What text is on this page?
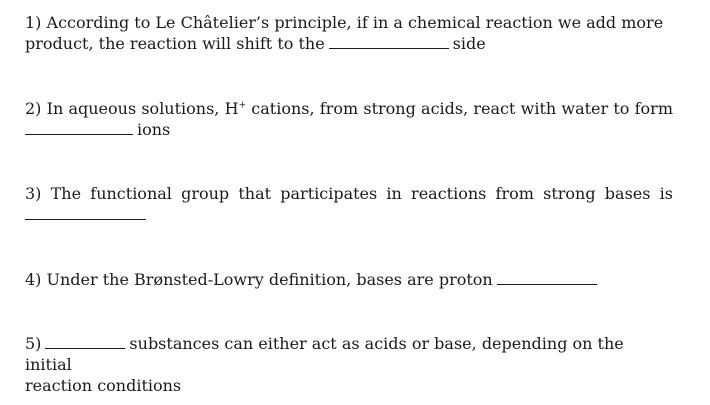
1) According to Le Châtelier’s principle, if in a chemical reaction we add more
product, the reaction will shift to the	side

2) In aqueous solutions, H+ cations, from strong acids, react with water to form
ions

3) The functional group that participates in reactions from strong bases is

4) Under the Brønsted-Lowry definition, bases are proton

5)	substances can either act as acids or base, depending on the initial
reaction conditions
